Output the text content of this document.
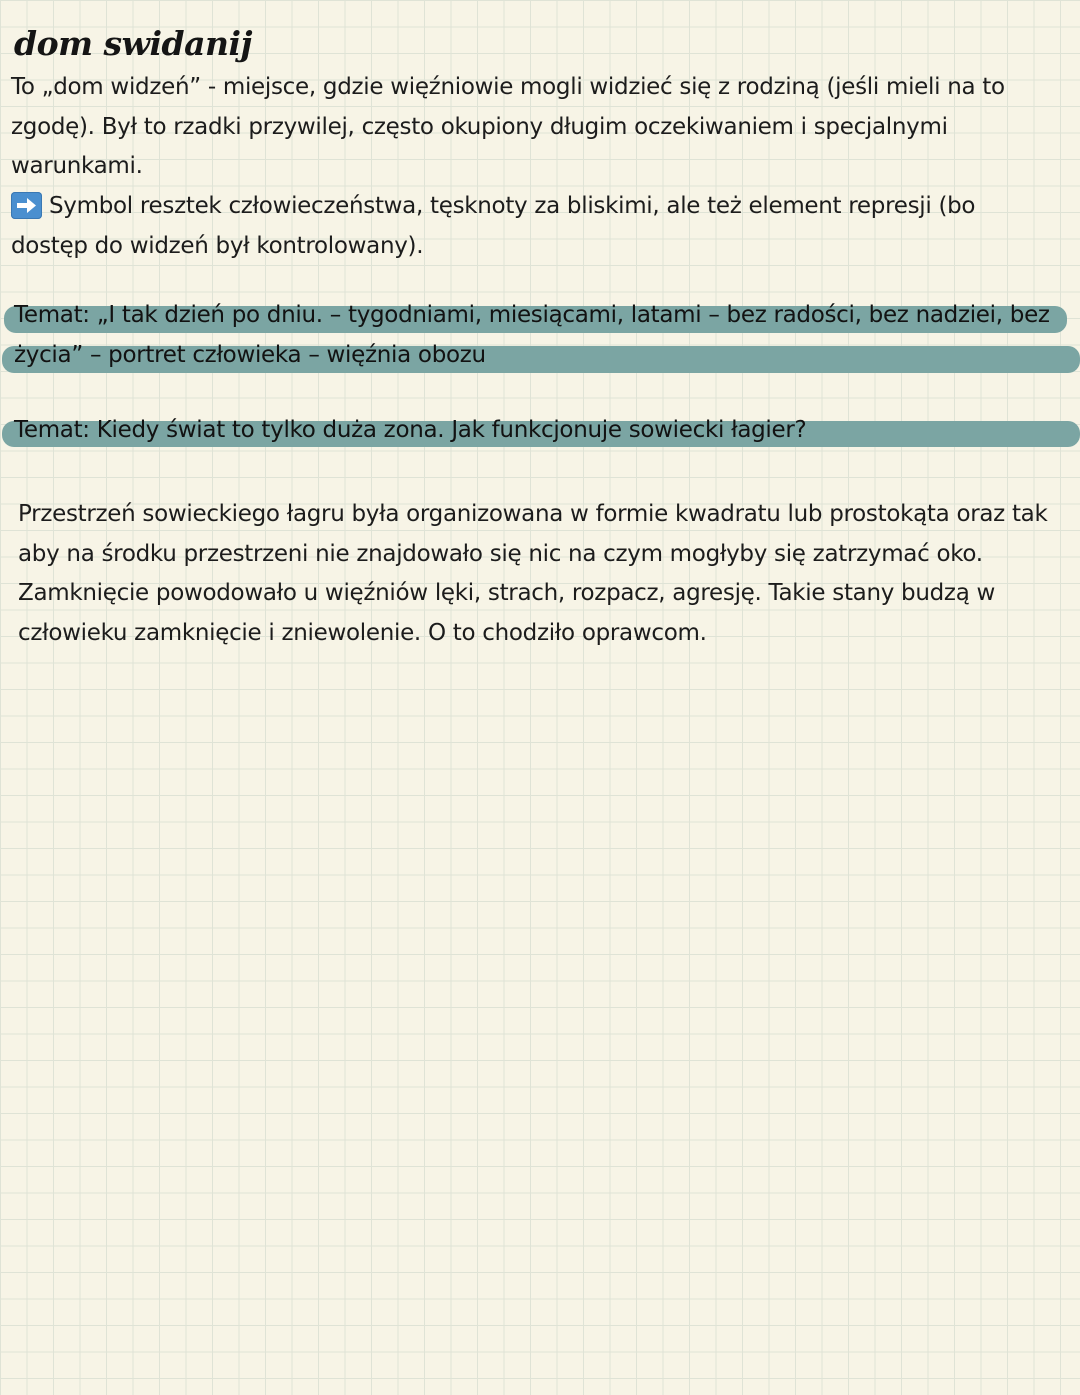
dom swidanij
To „dom widzeń” - miejsce, gdzie więźniowie mogli widzieć się z rodziną (jeśli mieli na to
zgodę). Był to rzadki przywilej, często okupiony długim oczekiwaniem i specjalnymi
warunkami.
Symbol resztek człowieczeństwa, tęsknoty za bliskimi, ale też element represji (bo
dostęp do widzeń był kontrolowany).
Temat: „I tak dzień po dniu. – tygodniami, miesiącami, latami – bez radości, bez nadziei, bez
życia” – portret człowieka – więźnia obozu
Temat: Kiedy świat to tylko duża zona. Jak funkcjonuje sowiecki łagier?
Przestrzeń sowieckiego łagru była organizowana w formie kwadratu lub prostokąta oraz tak
aby na środku przestrzeni nie znajdowało się nic na czym mogłyby się zatrzymać oko.
Zamknięcie powodowało u więźniów lęki, strach, rozpacz, agresję. Takie stany budzą w
człowieku zamknięcie i zniewolenie. O to chodziło oprawcom.
